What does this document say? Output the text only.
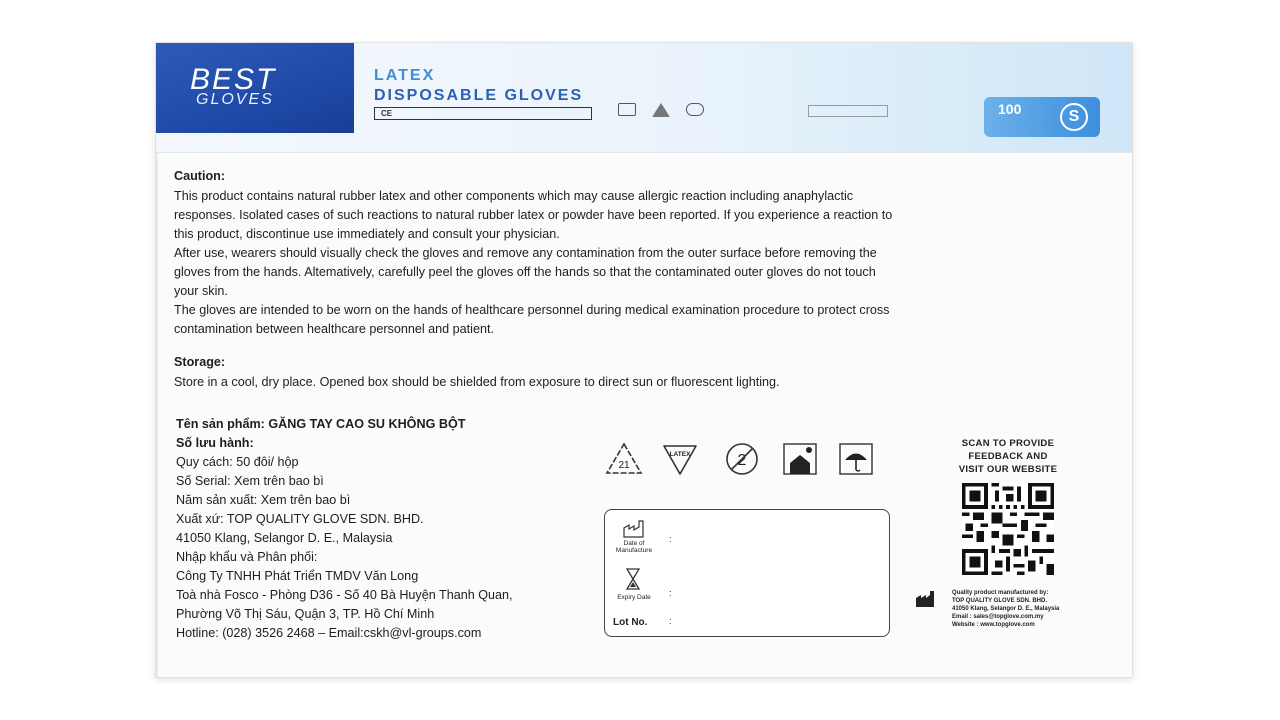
BEST
GLOVES
LATEX
DISPOSABLE GLOVES
CE	100	S
Caution:
This product contains natural rubber latex and other components which may cause allergic reaction including anaphylactic
responses. Isolated cases of such reactions to natural rubber latex or powder have been reported. If you experience a reaction to
this product, discontinue use immediately and consult your physician.
After use, wearers should visually check the gloves and remove any contamination from the outer surface before removing the
gloves from the hands. Altematively, carefully peel the gloves off the hands so that the contaminated outer gloves do not touch
your skin.
The gloves are intended to be worn on the hands of healthcare personnel during medical examination procedure to protect cross
contamination between healthcare personnel and patient.
Storage:
Store in a cool, dry place. Opened box should be shielded from exposure to direct sun or fluorescent lighting.
Tên sản phẩm: GĂNG TAY CAO SU KHÔNG BỘT
Số lưu hành:
Quy cách: 50 đôi/ hộp
Số Serial: Xem trên bao bì
Năm sản xuất: Xem trên bao bì
Xuất xứ: TOP QUALITY GLOVE SDN. BHD.
41050 Klang, Selangor D. E., Malaysia
Nhập khẩu và Phân phối:
Công Ty TNHH Phát Triển TMDV Văn Long
Toà nhà Fosco - Phòng D36 - Số 40 Bà Huyện Thanh Quan,
Phường Võ Thị Sáu, Quận 3, TP. Hồ Chí Minh
Hotline: (028) 3526 2468 – Email:cskh@vl-groups.com
21
LATEX	2
Date of Manufacture
:
Expiry Date	:
Lot No. :
SCAN TO PROVIDE
FEEDBACK AND
VISIT OUR WEBSITE
Quality product manufactured by:
TOP QUALITY GLOVE SDN. BHD.
41050 Klang, Selangor D. E., Malaysia
Email : sales@topglove.com.my
Website : www.topglove.com
